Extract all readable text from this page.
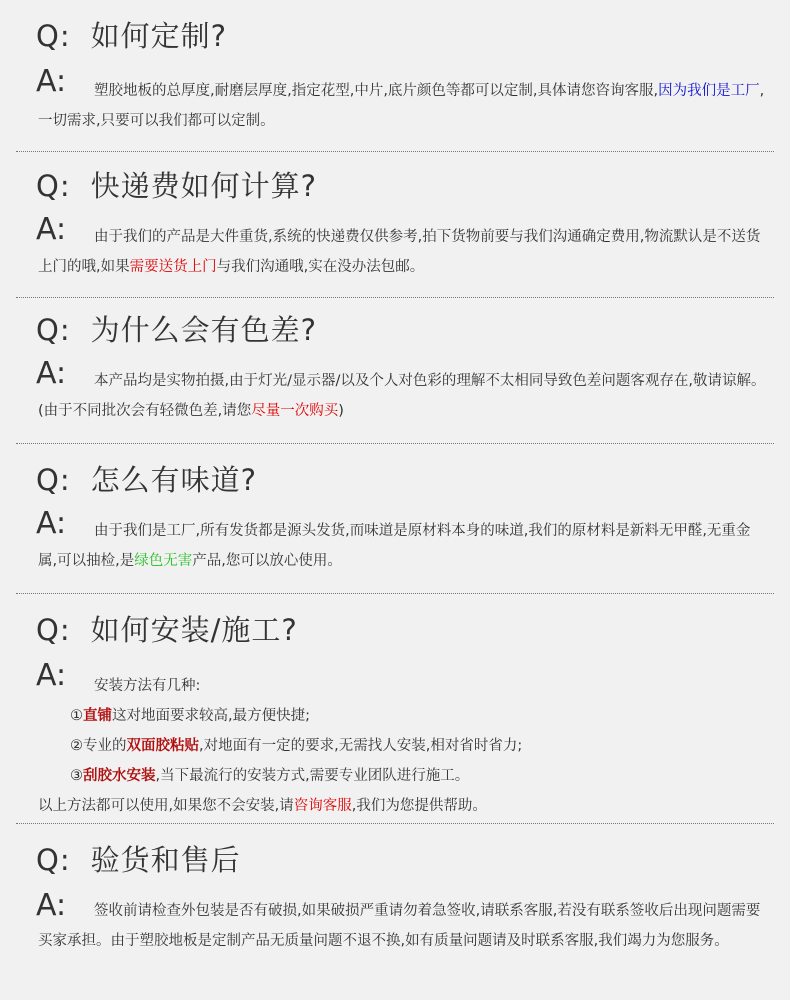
Q: 如何定制?
A:	塑胶地板的总厚度,耐磨层厚度,指定花型,中片,底片颜色等都可以定制,具体请您咨询客服,因为我们是工厂,一切需求,只要可以我们都可以定制。
Q: 快递费如何计算?
A:	由于我们的产品是大件重货,系统的快递费仅供参考,拍下货物前要与我们沟通确定费用,物流默认是不送货上门的哦,如果需要送货上门与我们沟通哦,实在没办法包邮。
Q: 为什么会有色差?
A:	本产品均是实物拍摄,由于灯光/显示器/以及个人对色彩的理解不太相同导致色差问题客观存在,敬请谅解。(由于不同批次会有轻微色差,请您尽量一次购买)
Q: 怎么有味道?
A:	由于我们是工厂,所有发货都是源头发货,而味道是原材料本身的味道,我们的原材料是新料无甲醛,无重金属,可以抽检,是绿色无害产品,您可以放心使用。
Q: 如何安装/施工?
A: 安装方法有几种:
①直铺这对地面要求较高,最方便快捷;
②专业的双面胶粘贴,对地面有一定的要求,无需找人安装,相对省时省力;
③刮胶水安装,当下最流行的安装方式,需要专业团队进行施工。
以上方法都可以使用,如果您不会安装,请咨询客服,我们为您提供帮助。
Q: 验货和售后
A:	签收前请检查外包装是否有破损,如果破损严重请勿着急签收,请联系客服,若没有联系签收后出现问题需要买家承担。由于塑胶地板是定制产品无质量问题不退不换,如有质量问题请及时联系客服,我们竭力为您服务。
